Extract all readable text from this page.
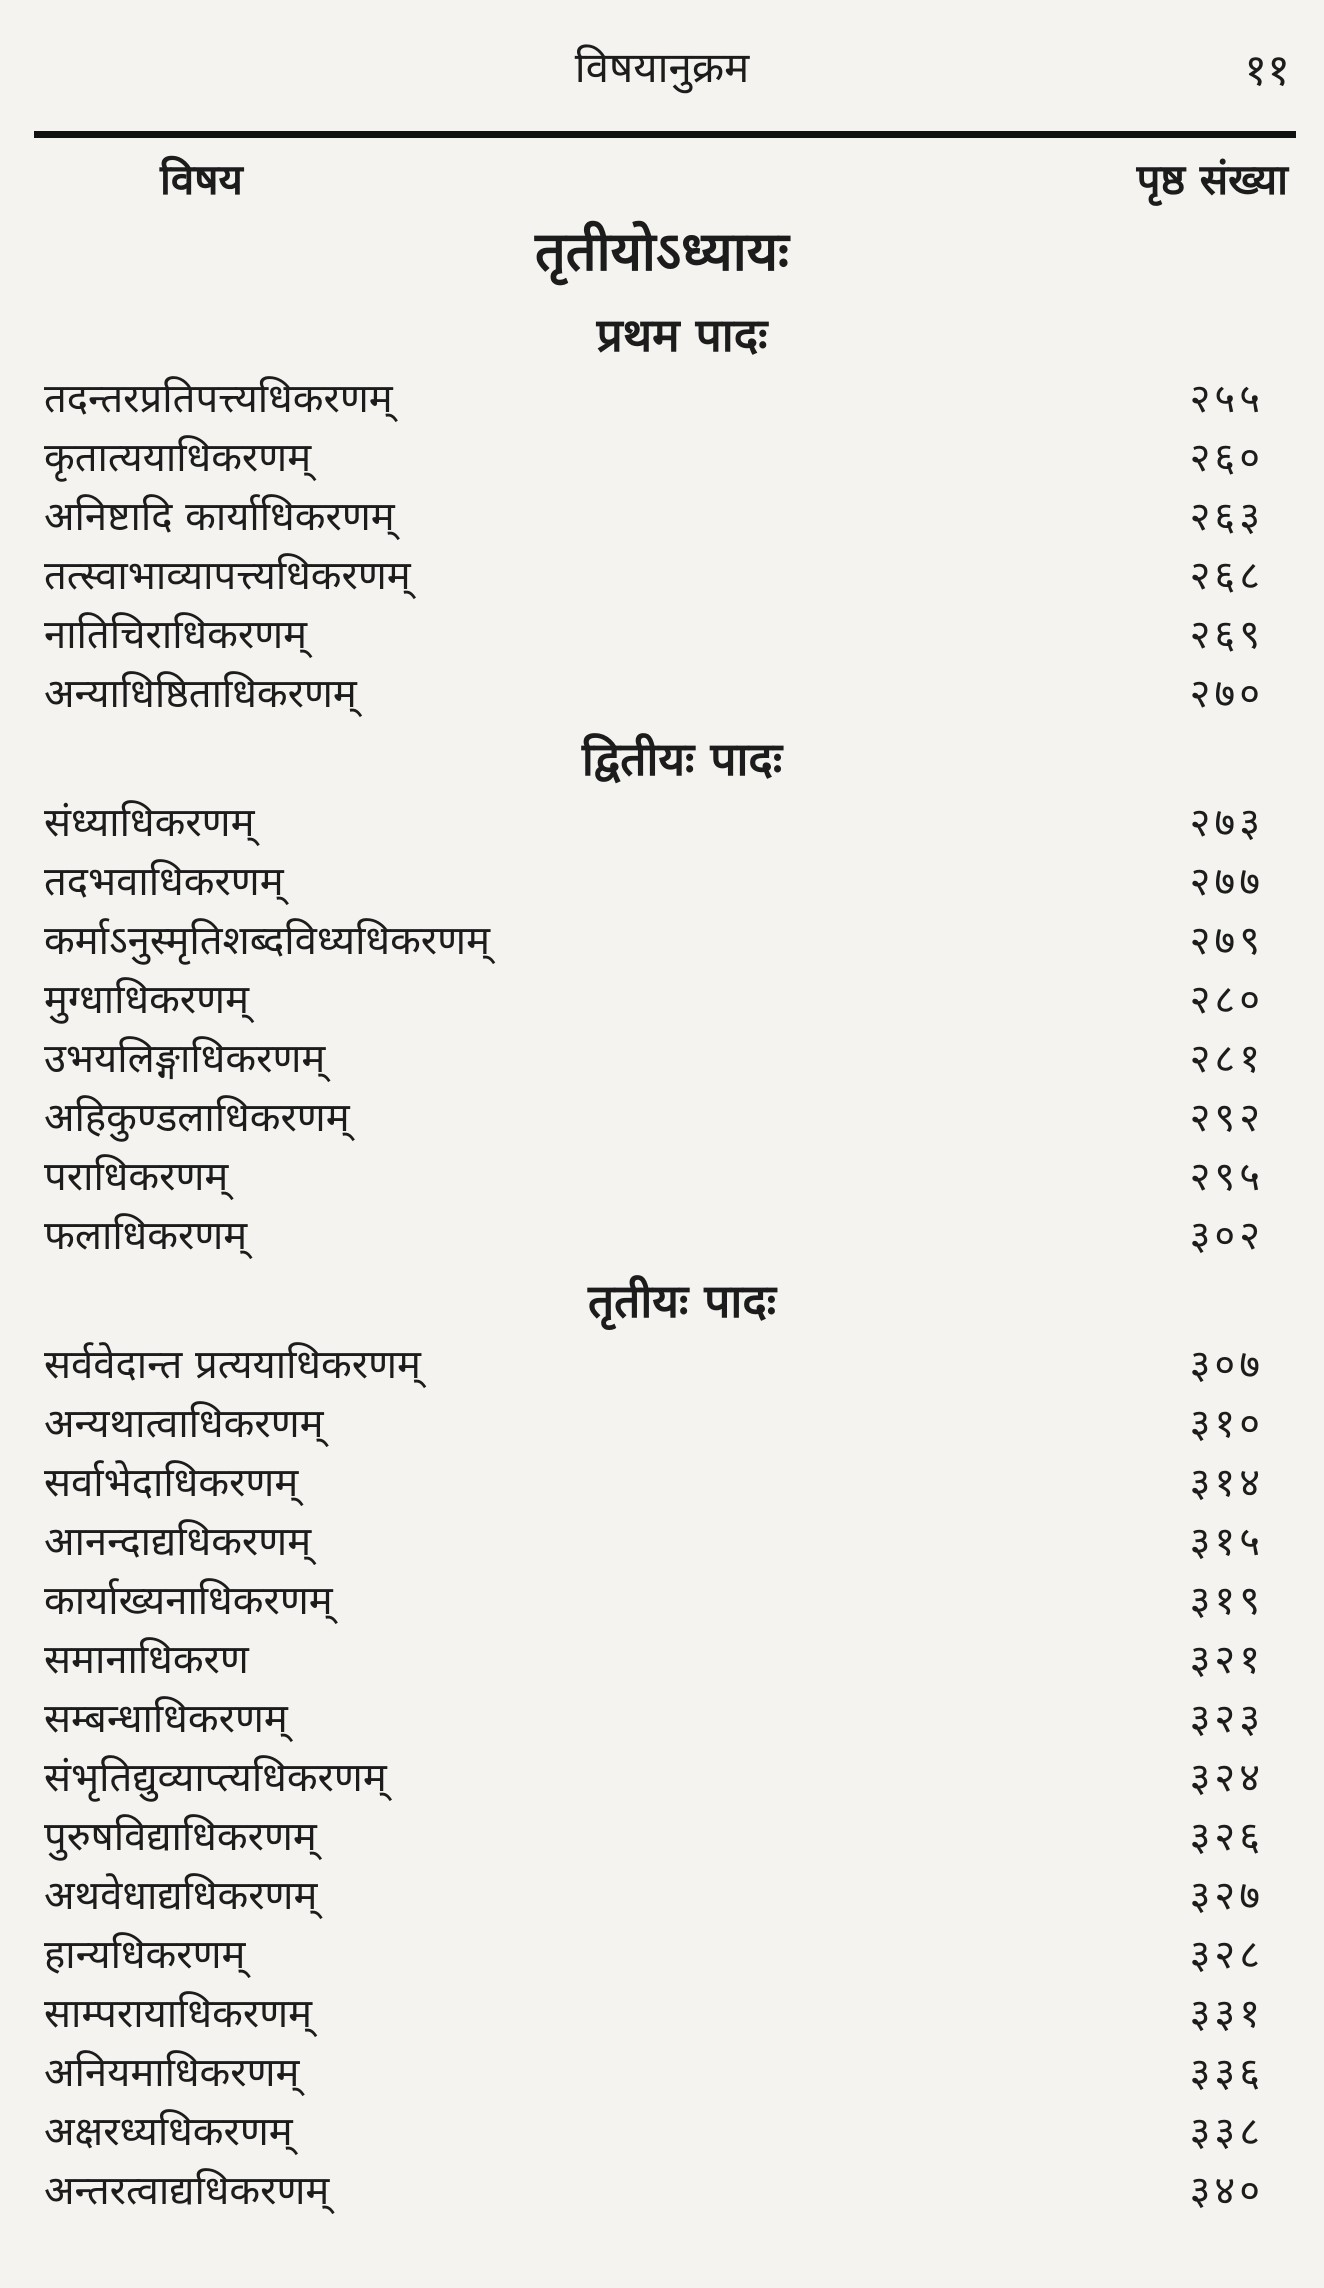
विषयानुक्रम	११
विषय	पृष्ठ संख्या
तृतीयोऽध्यायः
प्रथम पादः
तदन्तरप्रतिपत्त्यधिकरणम्	२५५
कृतात्ययाधिकरणम्	२६०
अनिष्टादि कार्याधिकरणम्	२६३
तत्स्वाभाव्यापत्त्यधिकरणम्	२६८
नातिचिराधिकरणम्	२६९
अन्याधिष्ठिताधिकरणम्	२७०
द्वितीयः पादः
संध्याधिकरणम्	२७३
तदभवाधिकरणम्	२७७
कर्माऽनुस्मृतिशब्दविध्यधिकरणम्	२७९
मुग्धाधिकरणम्	२८०
उभयलिङ्गाधिकरणम्	२८१
अहिकुण्डलाधिकरणम्	२९२
पराधिकरणम्	२९५
फलाधिकरणम्	३०२
तृतीयः पादः
सर्ववेदान्त प्रत्ययाधिकरणम्	३०७
अन्यथात्वाधिकरणम्	३१०
सर्वाभेदाधिकरणम्	३१४
आनन्दाद्यधिकरणम्	३१५
कार्याख्यनाधिकरणम्	३१९
समानाधिकरण	३२१
सम्बन्धाधिकरणम्	३२३
संभृतिद्युव्याप्त्यधिकरणम्	३२४
पुरुषविद्याधिकरणम्	३२६
अथवेधाद्यधिकरणम्	३२७
हान्यधिकरणम्	३२८
साम्परायाधिकरणम्	३३१
अनियमाधिकरणम्	३३६
अक्षरध्यधिकरणम्	३३८
अन्तरत्वाद्यधिकरणम्	३४०
